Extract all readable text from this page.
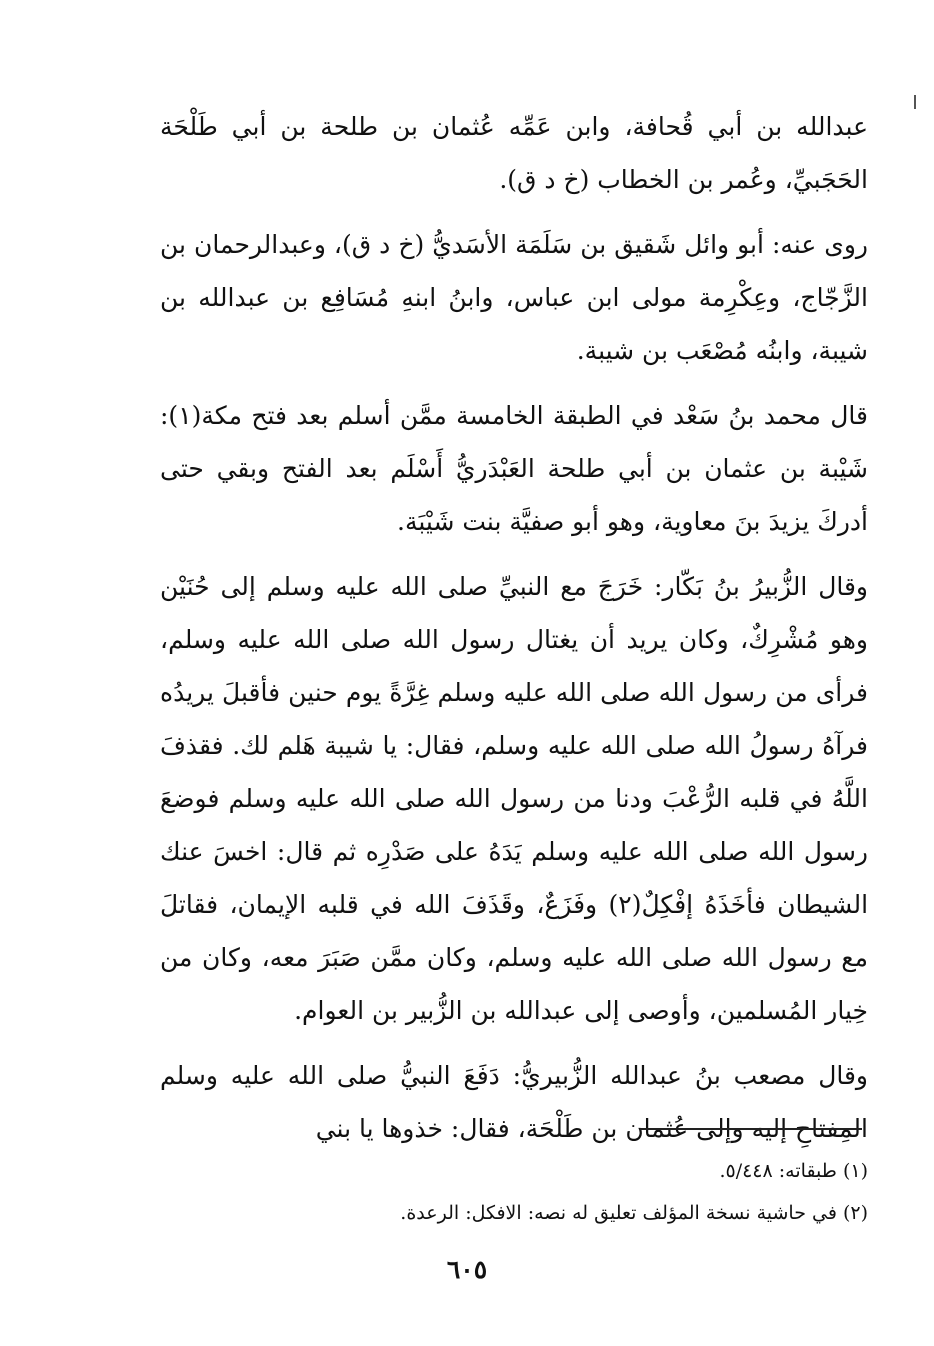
عبدالله بن أبي قُحافة، وابن عَمِّه عُثمان بن طلحة بن أبي طَلْحَة الحَجَبيِّ، وعُمر بن الخطاب (خ د ق).

روى عنه: أبو وائل شَقيق بن سَلَمَة الأسَديُّ (خ د ق)، وعبدالرحمان بن الزَّجّاج، وعِكْرِمة مولى ابن عباس، وابنُ ابنهِ مُسَافِع بن عبدالله بن شيبة، وابنُه مُصْعَب بن شيبة.

قال محمد بنُ سَعْد في الطبقة الخامسة ممَّن أسلم بعد فتح مكة(١): شَيْبة بن عثمان بن أبي طلحة العَبْدَريُّ أَسْلَم بعد الفتح وبقي حتى أدركَ يزيدَ بنَ معاوية، وهو أبو صفيَّة بنت شَيْبَة.

وقال الزُّبيرُ بنُ بَكّار: خَرَجَ مع النبيِّ صلى الله عليه وسلم إلى حُنَيْن وهو مُشْرِكٌ، وكان يريد أن يغتال رسول الله صلى الله عليه وسلم، فرأى من رسول الله صلى الله عليه وسلم غِرَّةً يوم حنين فأقبلَ يريدُه فرآهُ رسولُ الله صلى الله عليه وسلم، فقال: يا شيبة هَلم لك. فقذفَ اللَّهُ في قلبه الرُّعْبَ ودنا من رسول الله صلى الله عليه وسلم فوضعَ رسول الله صلى الله عليه وسلم يَدَهُ على صَدْرِه ثم قال: اخسَ عنك الشيطان فأخَذَهُ إفْكِلٌ(٢) وفَزَعٌ، وقَذَفَ الله في قلبه الإيمان، فقاتلَ مع رسول الله صلى الله عليه وسلم، وكان ممَّن صَبَرَ معه، وكان من خِيار المُسلمين، وأوصى إلى عبدالله بن الزُّبير بن العوام.

وقال مصعب بنُ عبدالله الزُّبيريُّ: دَفَعَ النبيُّ صلى الله عليه وسلم المِفتاحِ إليه وإلى عُثمان بن طَلْحَة، فقال: خذوها يا بني

(١) طبقاته: ٥/٤٤٨.

(٢) في حاشية نسخة المؤلف تعليق له نصه: الافكل: الرعدة.

٦٠٥
